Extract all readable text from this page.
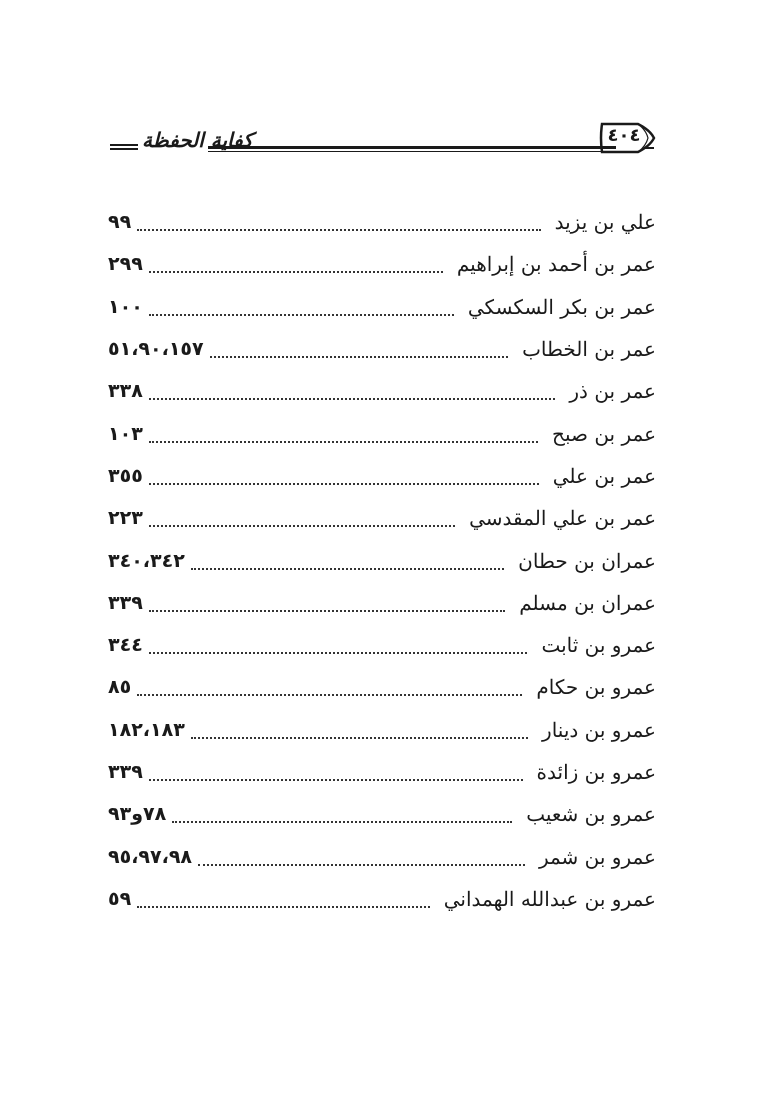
كفاية الحفظة	٤٠٤
علي بن يزيد
٩٩
عمر بن أحمد بن إبراهيم
٢٩٩
عمر بن بكر السكسكي
١٠٠
عمر بن الخطاب
٥١،٩٠،١٥٧
عمر بن ذر
٣٣٨
عمر بن صبح
١٠٣
عمر بن علي
٣٥٥
عمر بن علي المقدسي
٢٢٣
عمران بن حطان
٣٤٠،٣٤٢
عمران بن مسلم
٣٣٩
عمرو بن ثابت
٣٤٤
عمرو بن حكام
٨٥
عمرو بن دينار
١٨٢،١٨٣
عمرو بن زائدة
٣٣٩
عمرو بن شعيب
٧٨و٩٣
عمرو بن شمر
٩٥،٩٧،٩٨
عمرو بن عبدالله الهمداني
٥٩
